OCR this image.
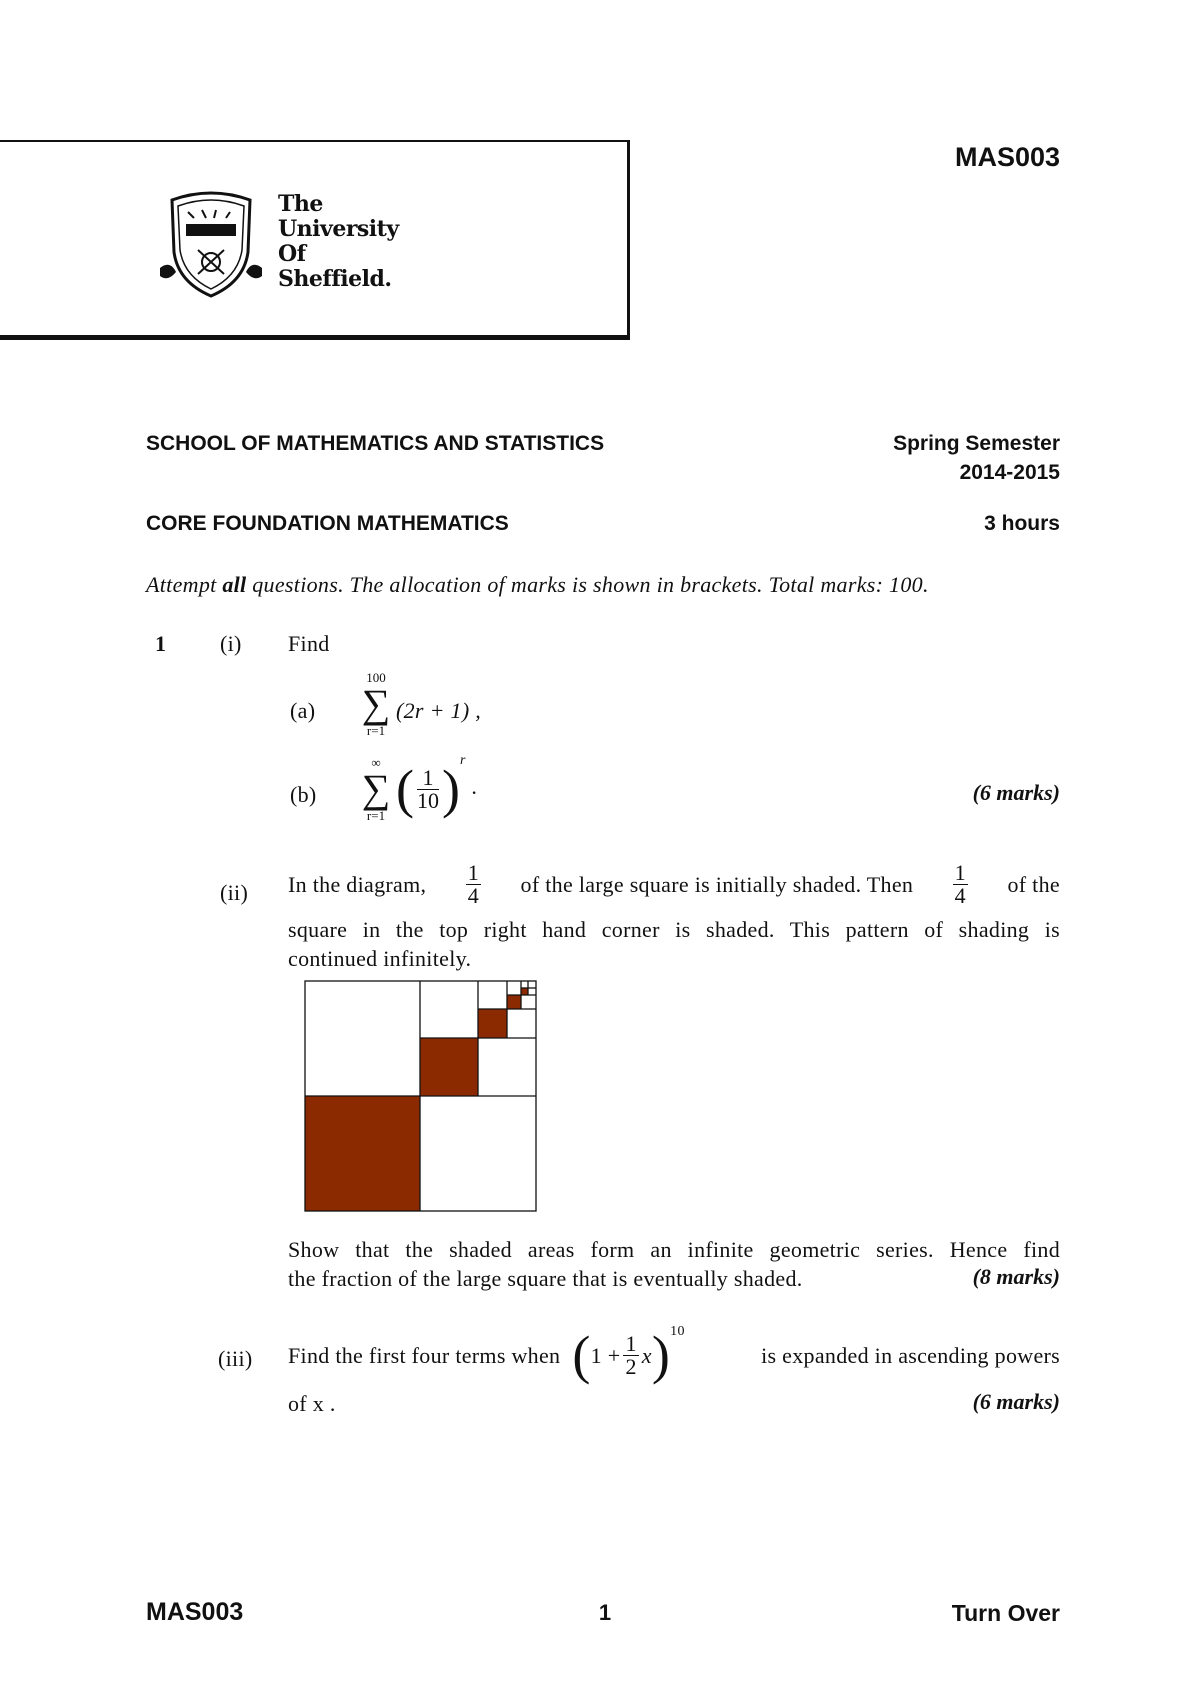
The
University
Of
Sheffield.
MAS003
SCHOOL OF MATHEMATICS AND STATISTICS	Spring Semester
2014-2015
CORE FOUNDATION MATHEMATICS	3 hours
Attempt all questions. The allocation of marks is shown in brackets. Total marks: 100.
1 (i) Find
(a)
100
∑
r=1
(2r + 1) ,
(b)
∞
∑
r=1 ( $\frac{1}{10} )^r$.	(6 marks)
(ii) In the diagram, $\frac{1}{4}$ of the large square is initially shaded. Then $\frac{1}{4}$ of the
square in the top right hand corner is shaded. This pattern of shading is
continued infinitely.
Show that the shaded areas form an infinite geometric series. Hence find
the fraction of the large square that is eventually shaded.	(8 marks)
(iii) Find the first four terms when ( $1 + \frac{1}{2}$ x ) 10
is expanded in ascending powers
of x .	(6 marks)
MAS003	1	Turn Over
